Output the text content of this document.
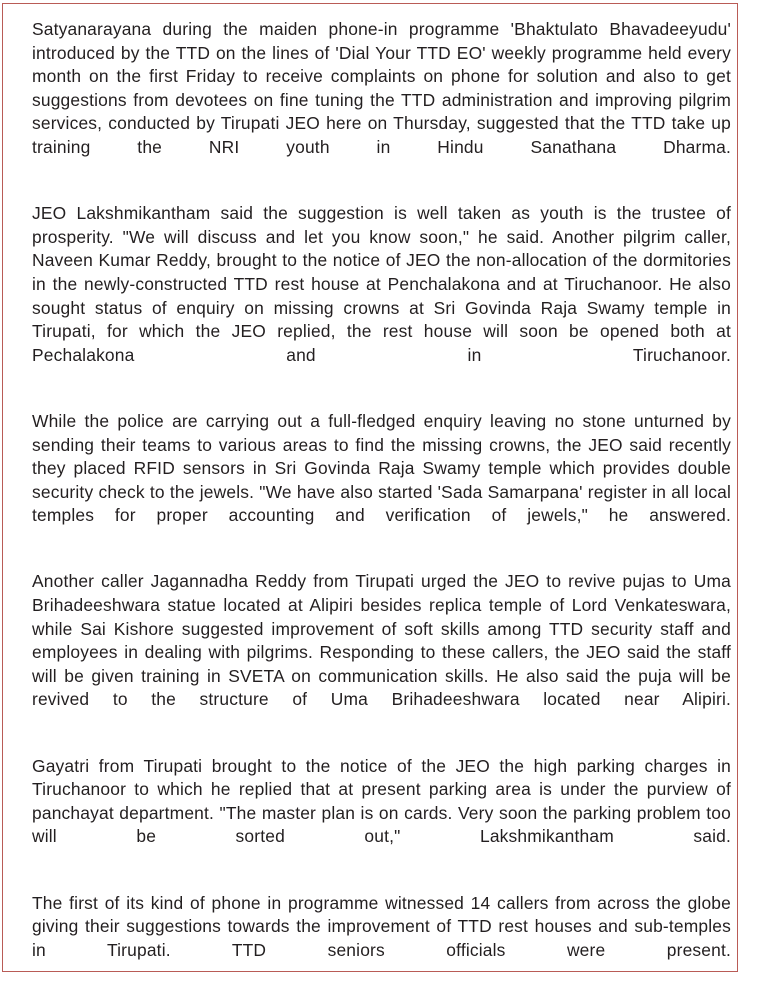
Satyanarayana during the maiden phone-in programme 'Bhaktulato Bhavadeeyudu' introduced by the TTD on the lines of 'Dial Your TTD EO' weekly programme held every month on the first Friday to receive complaints on phone for solution and also to get suggestions from devotees on fine tuning the TTD administration and improving pilgrim services, conducted by Tirupati JEO here on Thursday, suggested that the TTD take up training the NRI youth in Hindu Sanathana Dharma.

JEO Lakshmikantham said the suggestion is well taken as youth is the trustee of prosperity. "We will discuss and let you know soon," he said. Another pilgrim caller, Naveen Kumar Reddy, brought to the notice of JEO the non-allocation of the dormitories in the newly-constructed TTD rest house at Penchalakona and at Tiruchanoor. He also sought status of enquiry on missing crowns at Sri Govinda Raja Swamy temple in Tirupati, for which the JEO replied, the rest house will soon be opened both at Pechalakona and in Tiruchanoor.

While the police are carrying out a full-fledged enquiry leaving no stone unturned by sending their teams to various areas to find the missing crowns, the JEO said recently they placed RFID sensors in Sri Govinda Raja Swamy temple which provides double security check to the jewels. "We have also started 'Sada Samarpana' register in all local temples for proper accounting and verification of jewels," he answered.

Another caller Jagannadha Reddy from Tirupati urged the JEO to revive pujas to Uma Brihadeeshwara statue located at Alipiri besides replica temple of Lord Venkateswara, while Sai Kishore suggested improvement of soft skills among TTD security staff and employees in dealing with pilgrims. Responding to these callers, the JEO said the staff will be given training in SVETA on communication skills. He also said the puja will be revived to the structure of Uma Brihadeeshwara located near Alipiri.

Gayatri from Tirupati brought to the notice of the JEO the high parking charges in Tiruchanoor to which he replied that at present parking area is under the purview of panchayat department. "The master plan is on cards. Very soon the parking problem too will be sorted out," Lakshmikantham said.

The first of its kind of phone in programme witnessed 14 callers from across the globe giving their suggestions towards the improvement of TTD rest houses and sub-temples in Tirupati. TTD seniors officials were present.
